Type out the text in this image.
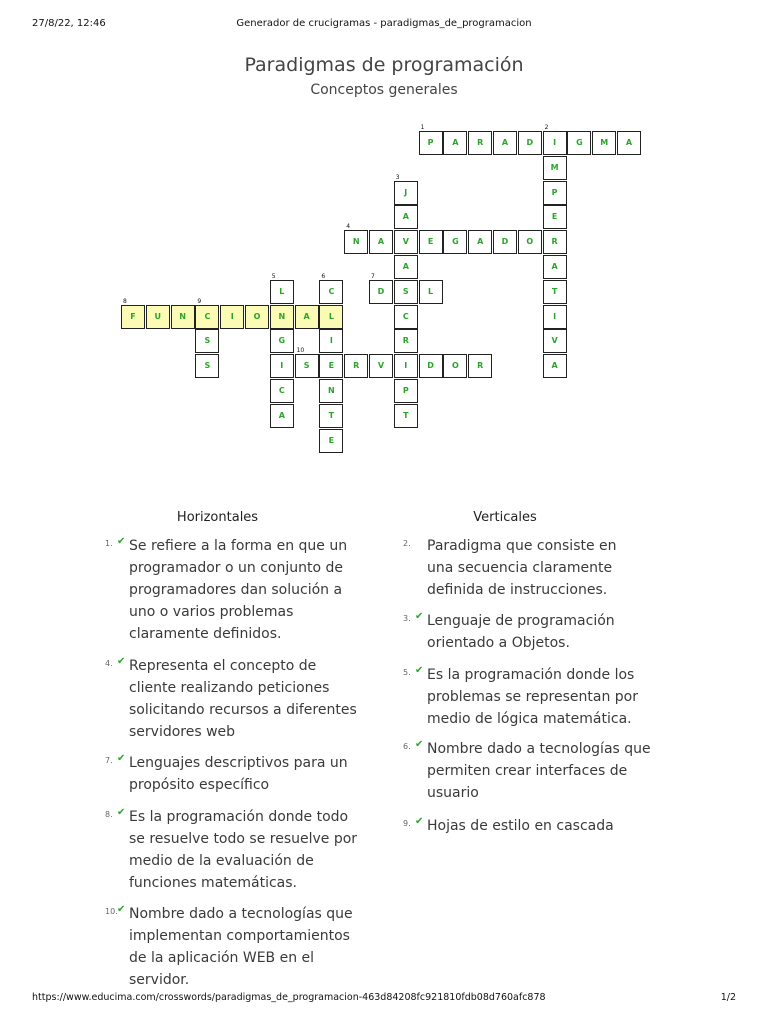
27/8/22, 12:46	Generador de crucigramas - paradigmas_de_programacion
Paradigmas de programación
Conceptos generales
P
1
A	R	A	D	I
2
G	M	A
M
J
3
P
A	E
N
4
A	V	E	G	A	D	O	R
A	A
L
5
C
6
D
7
S	L	T
F
8
U	N	C
9
I	O	N	A	L	C	I
S	G	I	R	V
S	I	S
10
E	R	V	I	D	O	R	A
C	N	P
A	T	T
E
Horizontales	Verticales
1. ✔ Se refiere a la forma en que un
programador o un conjunto de
programadores dan solución a
uno o varios problemas
claramente definidos.
4. ✔ Representa el concepto de
cliente realizando peticiones
solicitando recursos a diferentes
servidores web
7. ✔ Lenguajes descriptivos para un
propósito específico
8. ✔ Es la programación donde todo
se resuelve todo se resuelve por
medio de la evaluación de
funciones matemáticas.
10. ✔ Nombre dado a tecnologías que
implementan comportamientos
de la aplicación WEB en el
servidor.
2. Paradigma que consiste en
una secuencia claramente
definida de instrucciones.
3. ✔ Lenguaje de programación
orientado a Objetos.
5. ✔ Es la programación donde los
problemas se representan por
medio de lógica matemática.
6. ✔ Nombre dado a tecnologías que
permiten crear interfaces de
usuario
9. ✔ Hojas de estilo en cascada
https://www.educima.com/crosswords/paradigmas_de_programacion-463d84208fc921810fdb08d760afc878	1/2
